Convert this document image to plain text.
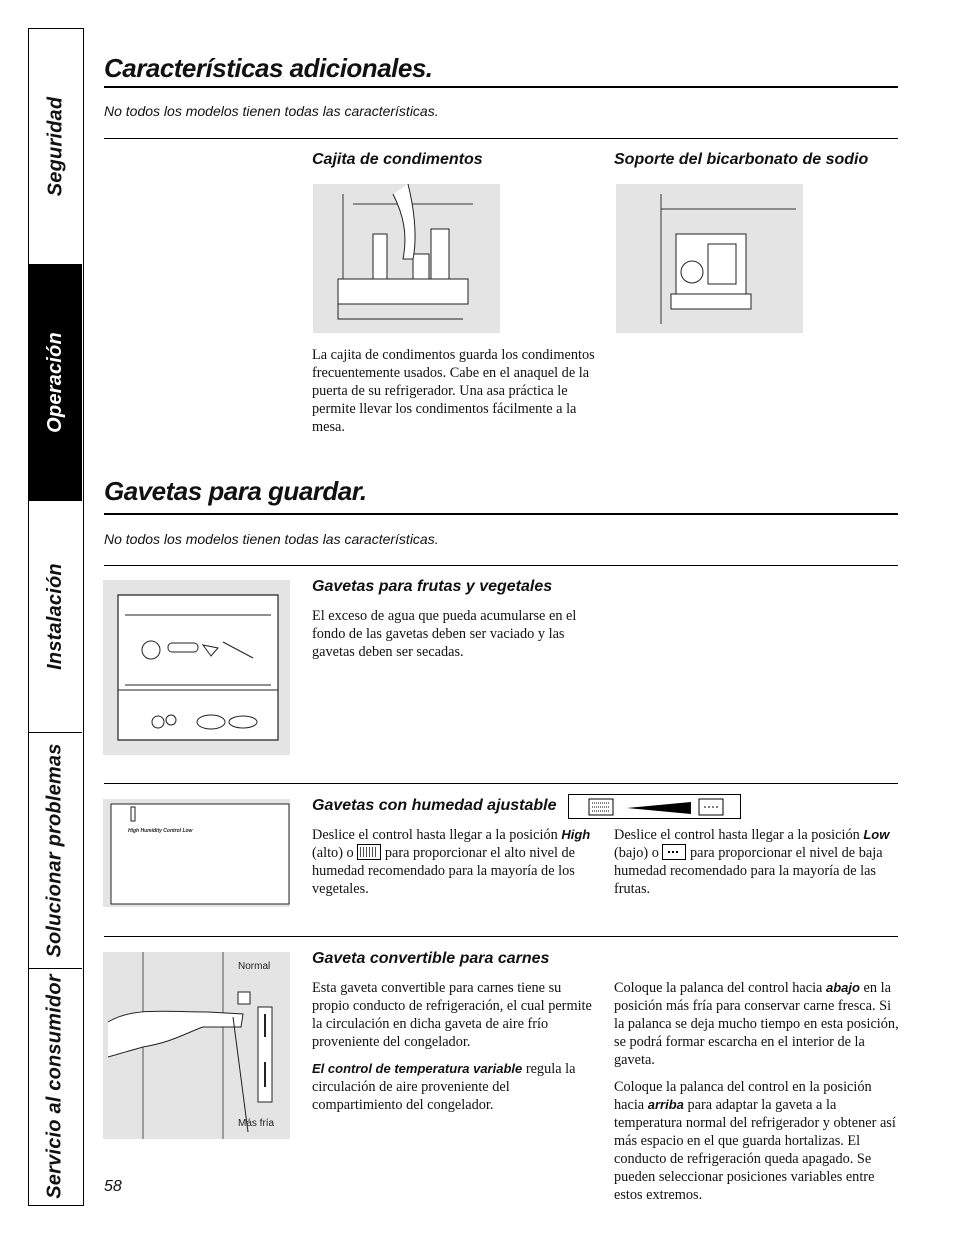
Seguridad
Operación
Instalación
Solucionar problemas
Servicio al consumidor
Características adicionales.
No todos los modelos tienen todas las características.
Cajita de condimentos
La cajita de condimentos guarda los condimentos frecuentemente usados. Cabe en el anaquel de la puerta de su refrigerador. Una asa práctica le permite llevar los condimentos fácilmente a la mesa.
Soporte del bicarbonato de sodio
Gavetas para guardar.
No todos los modelos tienen todas las características.
Gavetas para frutas y vegetales
El exceso de agua que pueda acumularse en el fondo de las gavetas deben ser vaciado y las gavetas deben ser secadas.
High Humidity Control Low
Gavetas con humedad ajustable
Deslice el control hasta llegar a la posición High (alto) o para proporcionar el alto nivel de humedad recomendado para la mayoría de los vegetales.
Deslice el control hasta llegar a la posición Low (bajo) o para proporcionar el nivel de baja humedad recomendado para la mayoría de las frutas.
Normal
Más fría
Gaveta convertible para carnes
Esta gaveta convertible para carnes tiene su propio conducto de refrigeración, el cual permite la circulación en dicha gaveta de aire frío proveniente del congelador.
El control de temperatura variable regula la circulación de aire proveniente del compartimiento del congelador.
Coloque la palanca del control hacia abajo en la posición más fría para conservar carne fresca. Si la palanca se deja mucho tiempo en esta posición, se podrá formar escarcha en el interior de la gaveta.
Coloque la palanca del control en la posición hacia arriba para adaptar la gaveta a la temperatura normal del refrigerador y obtener así más espacio en el que guarda hortalizas. El conducto de refrigeración queda apagado. Se pueden seleccionar posiciones variables entre estos extremos.
58
